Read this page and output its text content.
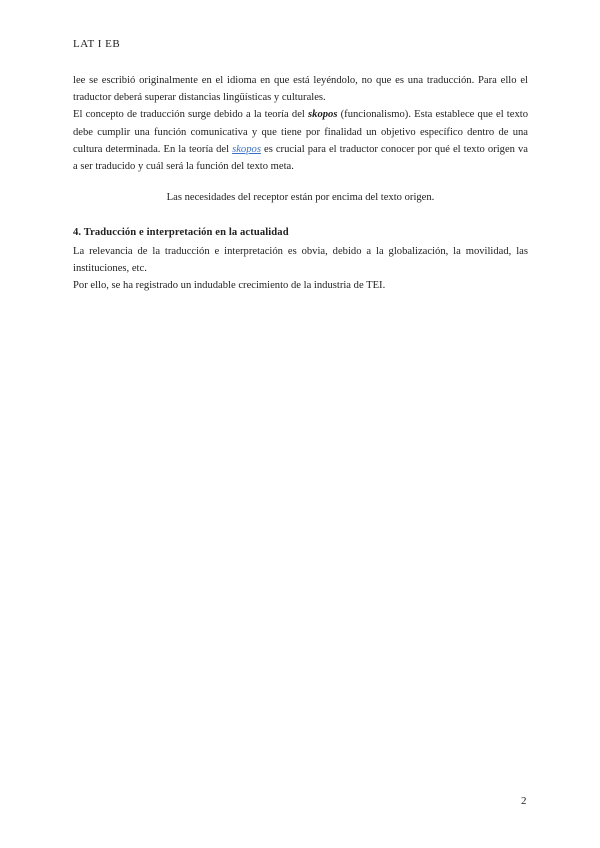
LAT I EB

lee se escribió originalmente en el idioma en que está leyéndolo, no que es una traducción. Para ello el traductor deberá superar distancias lingüísticas y culturales.

El concepto de traducción surge debido a la teoría del skopos (funcionalismo). Esta establece que el texto debe cumplir una función comunicativa y que tiene por finalidad un objetivo específico dentro de una cultura determinada. En la teoría del skopos es crucial para el traductor conocer por qué el texto origen va a ser traducido y cuál será la función del texto meta.

Las necesidades del receptor están por encima del texto origen.
4. Traducción e interpretación en la actualidad

La relevancia de la traducción e interpretación es obvia, debido a la globalización, la movilidad, las instituciones, etc.

Por ello, se ha registrado un indudable crecimiento de la industria de TEI.

2
